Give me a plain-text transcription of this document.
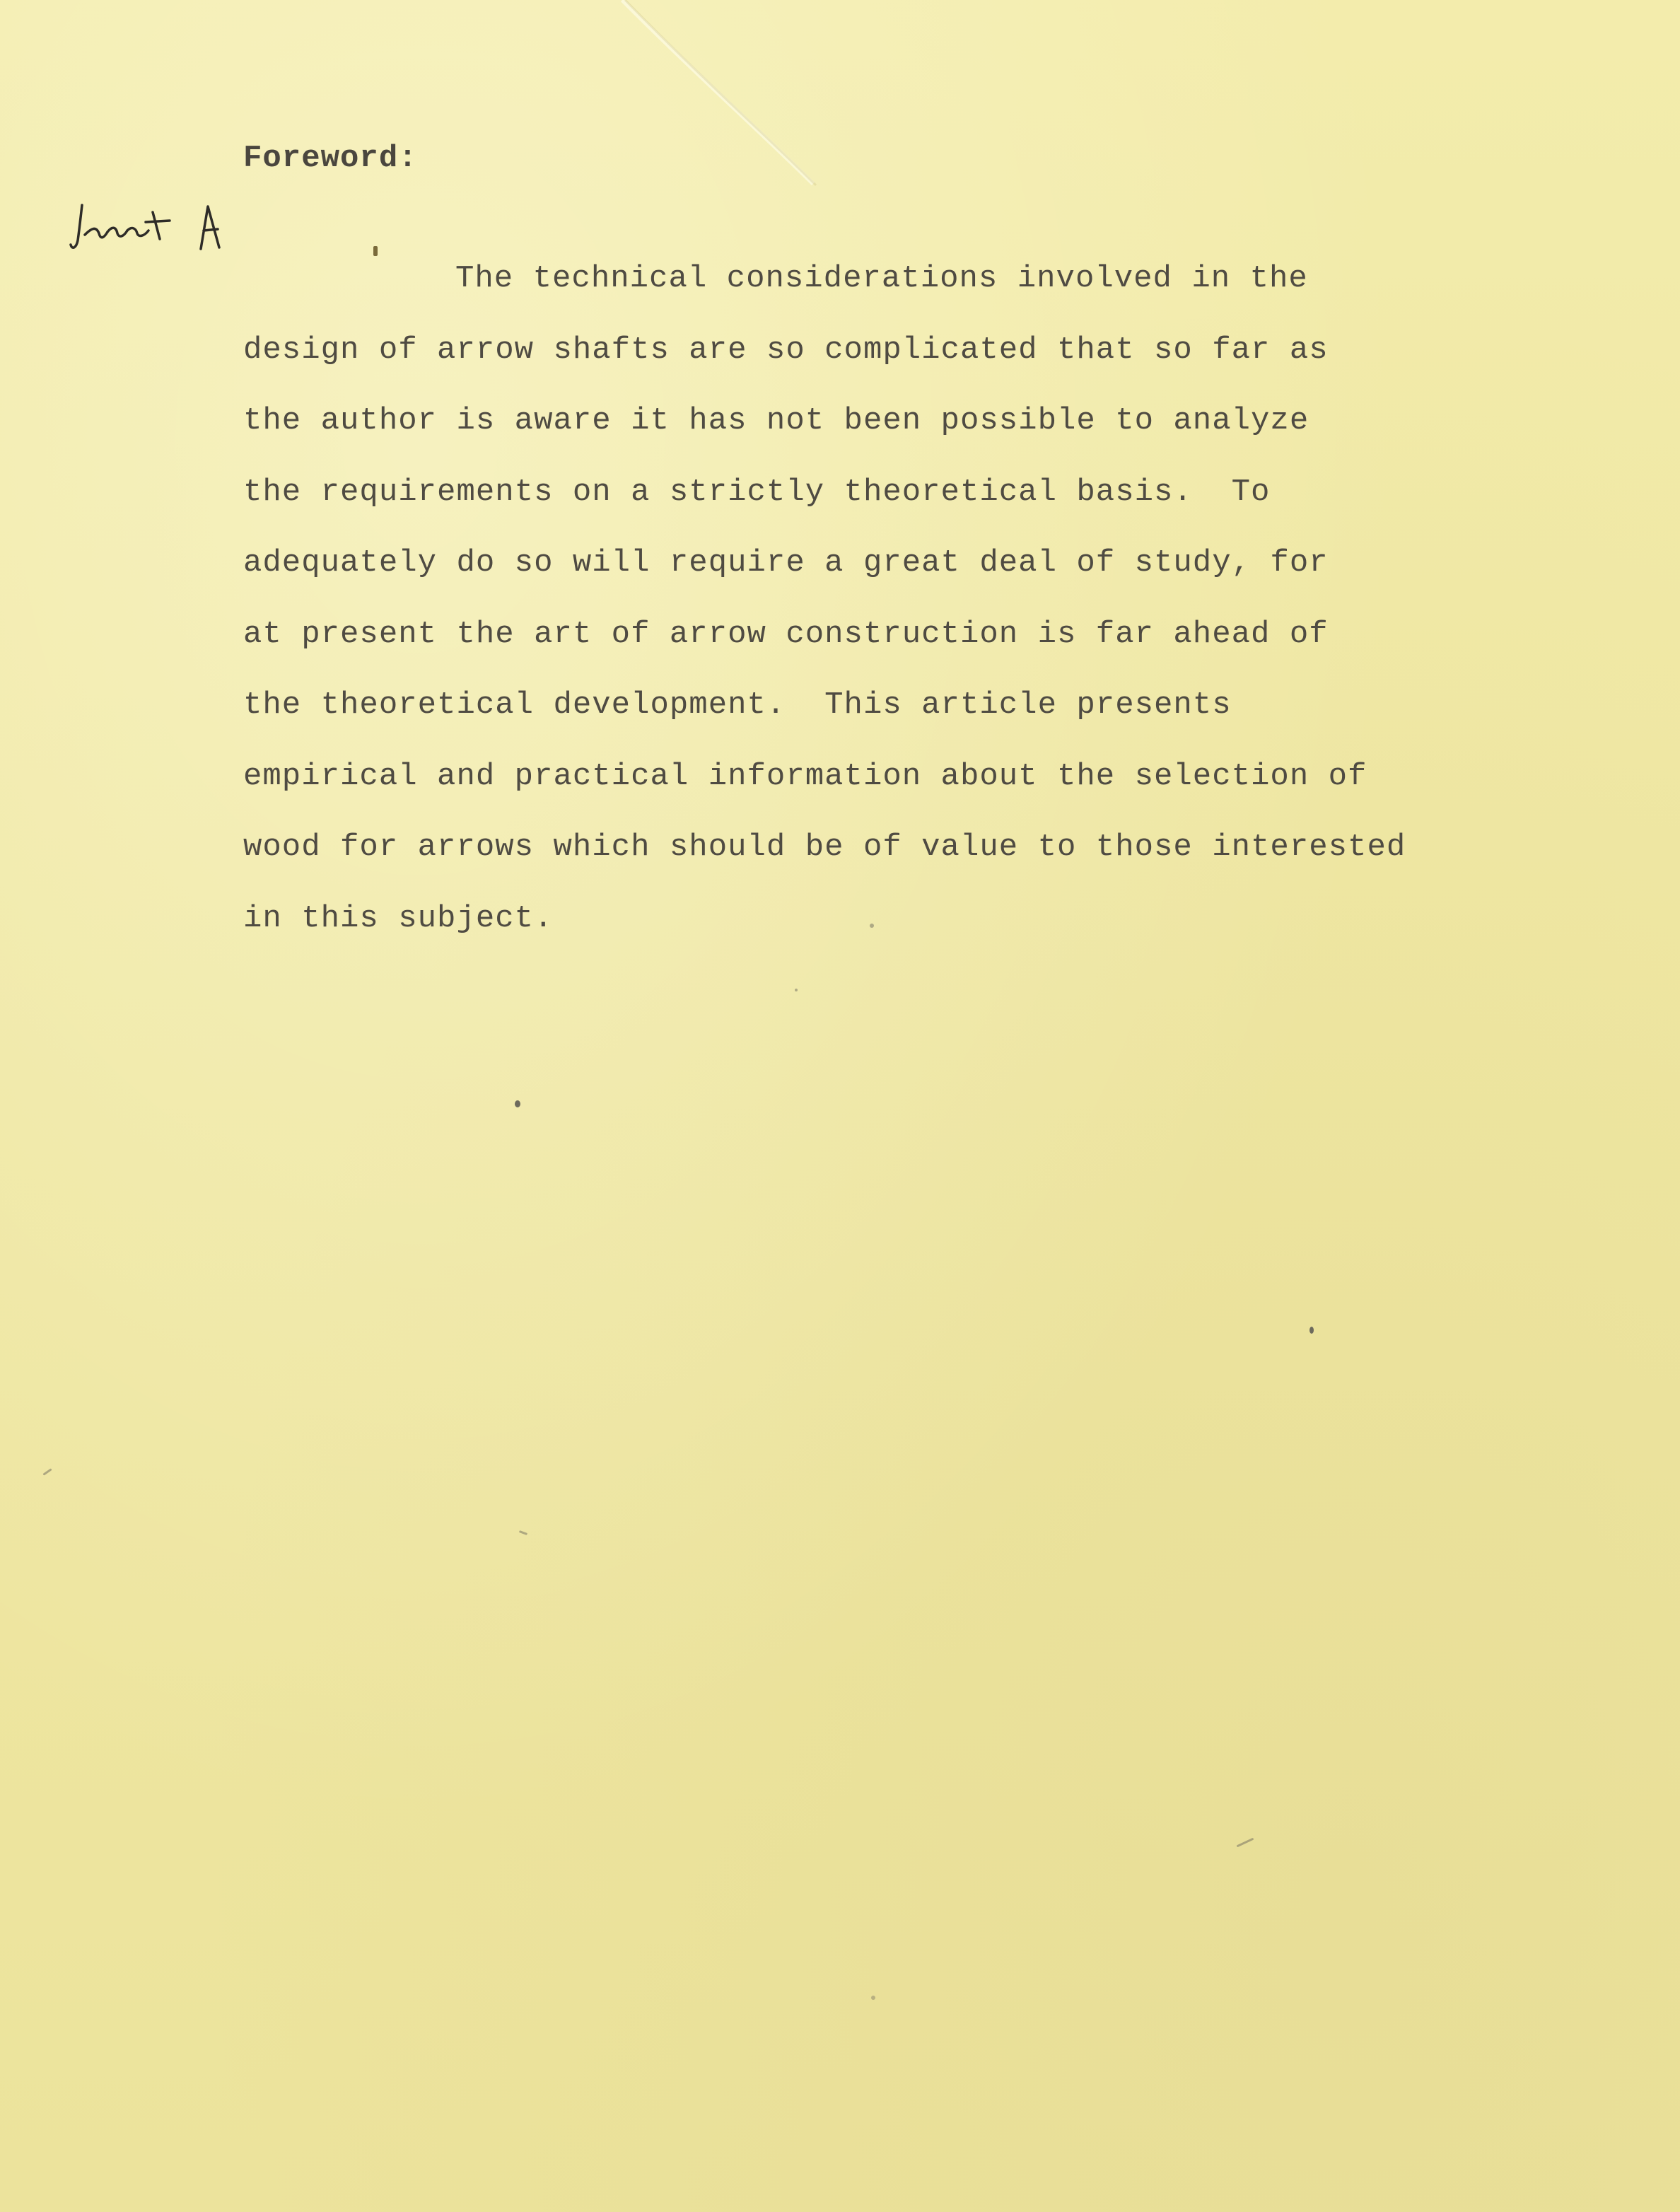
Foreword:
The technical considerations involved in the
design of arrow shafts are so complicated that so far as
the author is aware it has not been possible to analyze
the requirements on a strictly theoretical basis.  To
adequately do so will require a great deal of study, for
at present the art of arrow construction is far ahead of
the theoretical development.  This article presents
empirical and practical information about the selection of
wood for arrows which should be of value to those interested
in this subject.
